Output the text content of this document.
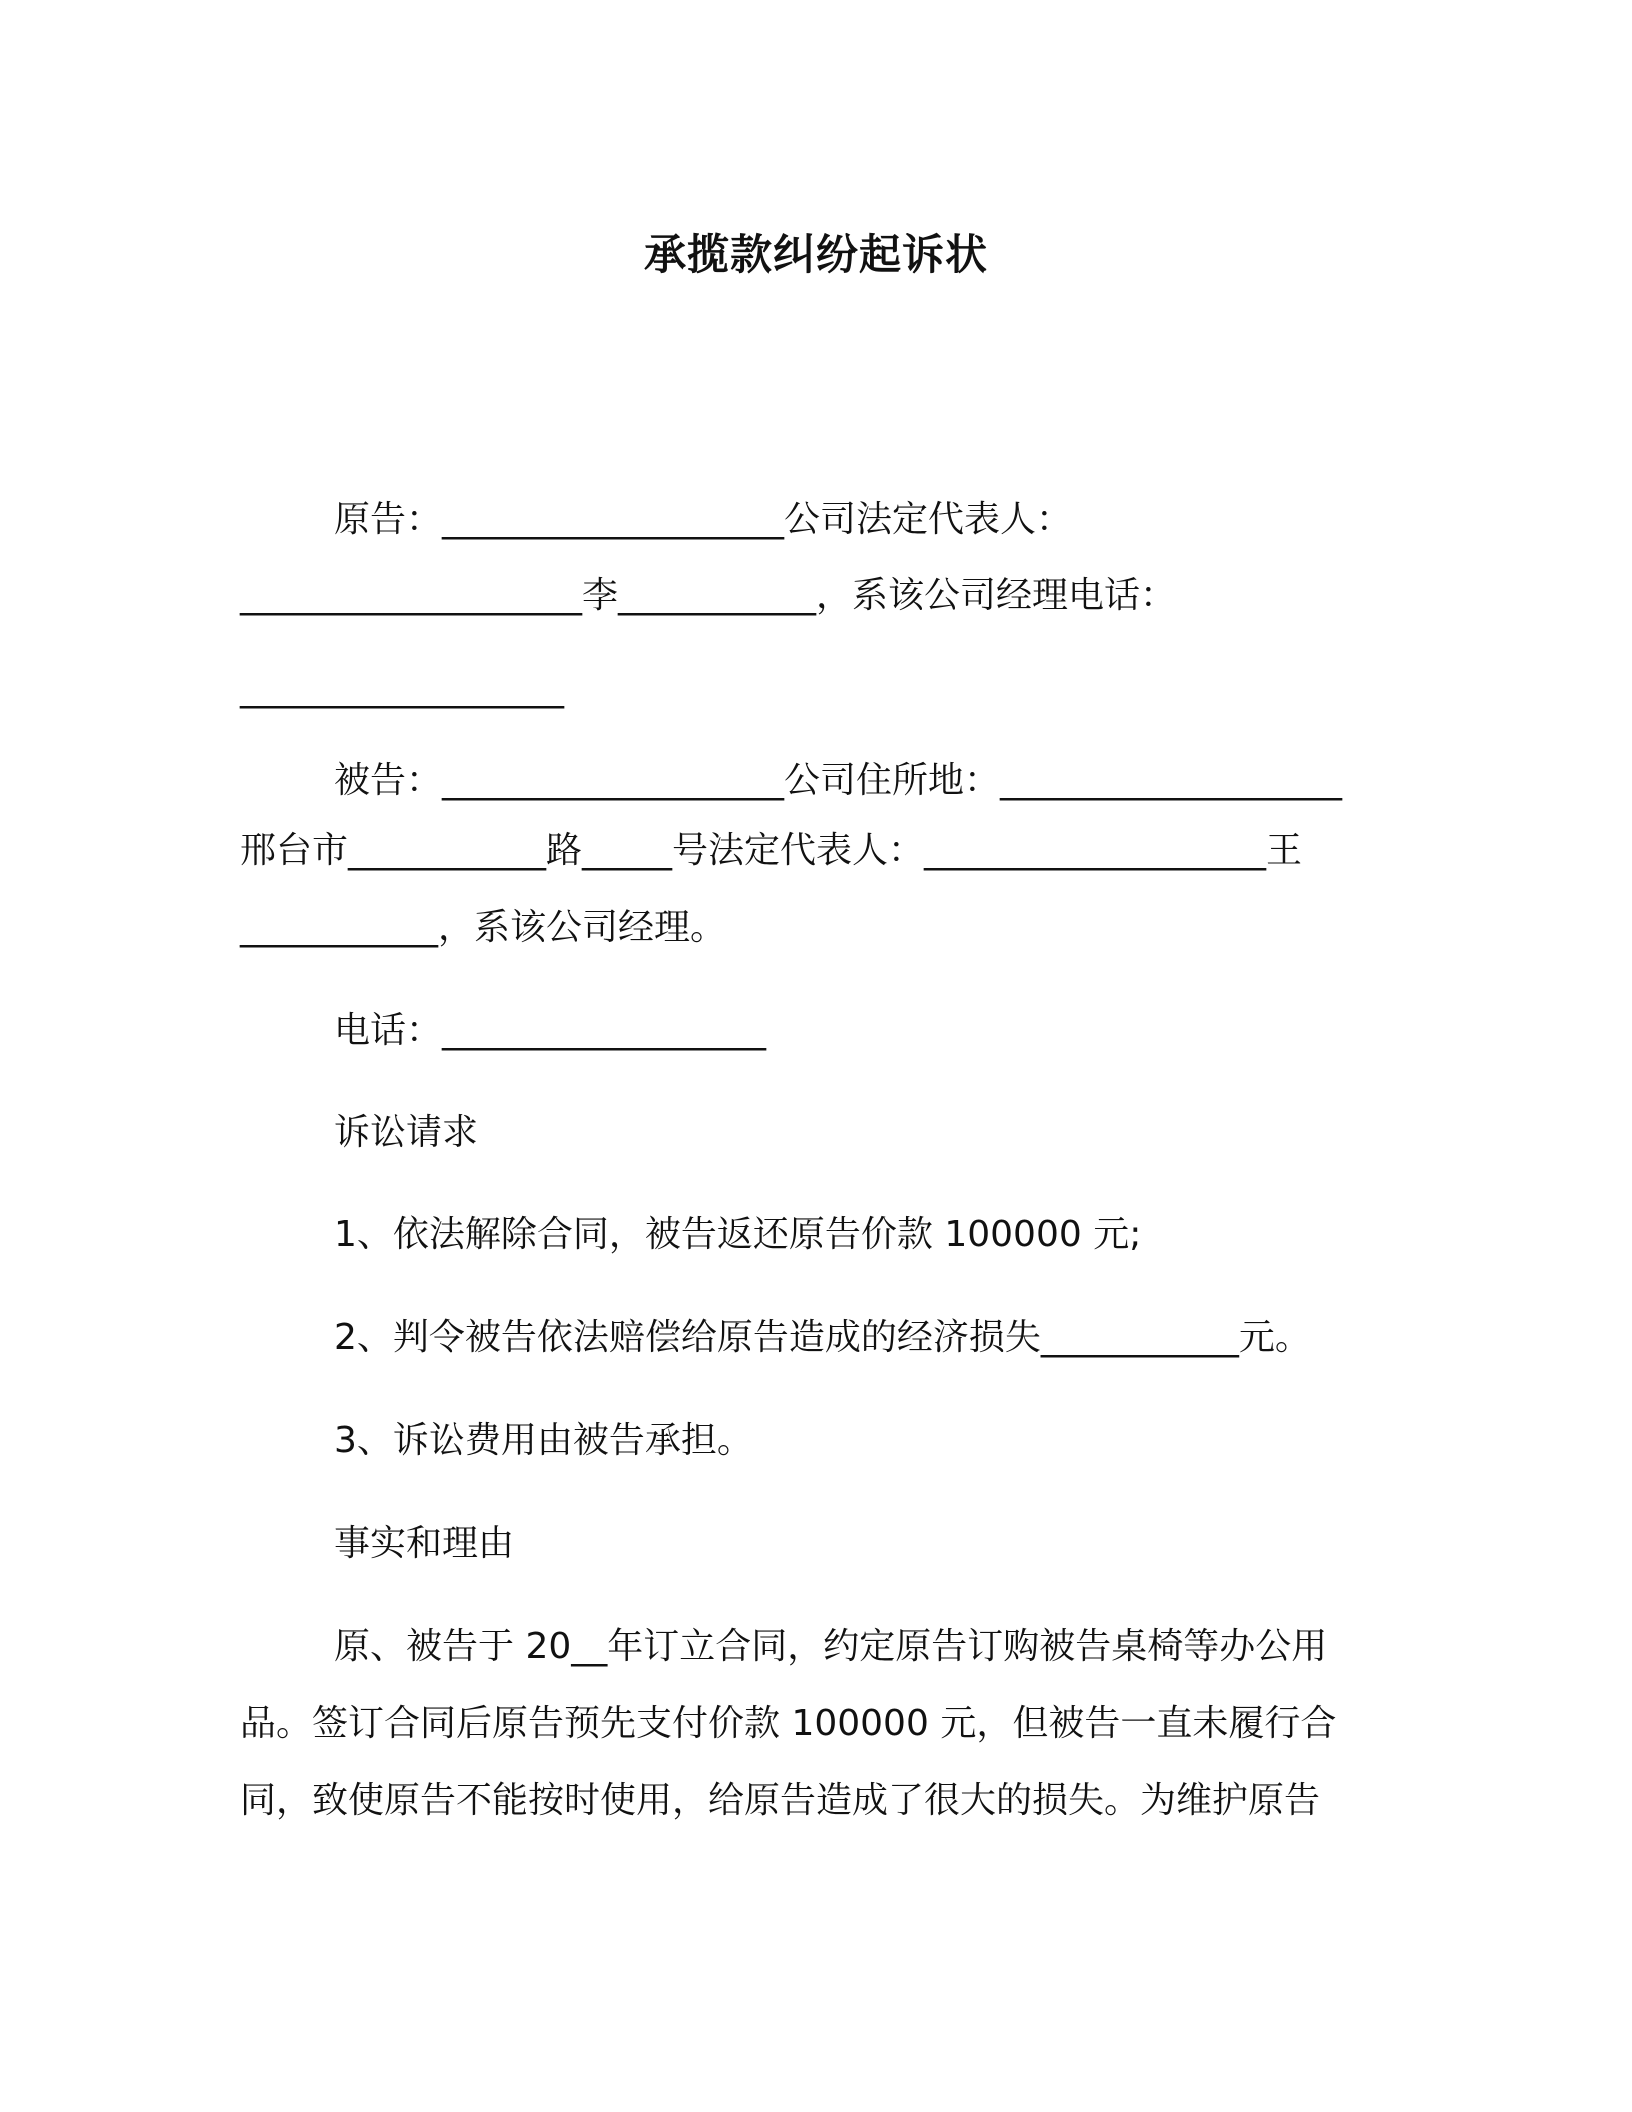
承揽款纠纷起诉状
原告：___________________公司法定代表人：
___________________李___________，系该公司经理电话：
__________________
被告：___________________公司住所地：___________________
邢台市___________路_____号法定代表人：___________________王
___________，系该公司经理。
电话：__________________
诉讼请求
1、依法解除合同，被告返还原告价款 100000 元;
2、判令被告依法赔偿给原告造成的经济损失___________元。
3、诉讼费用由被告承担。
事实和理由
原、被告于 20__年订立合同，约定原告订购被告桌椅等办公用
品。签订合同后原告预先支付价款 100000 元，但被告一直未履行合
同，致使原告不能按时使用，给原告造成了很大的损失。为维护原告
